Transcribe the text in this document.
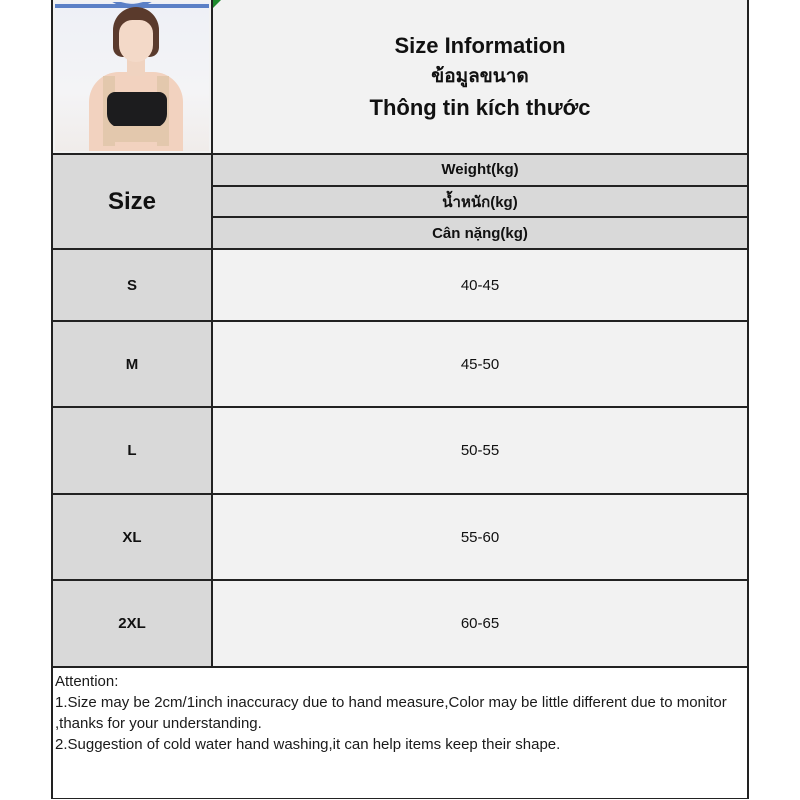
Size Information
ข้อมูลขนาด
Thông tin kích thước
Size
Weight(kg)
น้ำหนัก(kg)
Cân nặng(kg)
S	40-45
M	45-50
L	50-55
XL	55-60
2XL	60-65
Attention:
1.Size may be 2cm/1inch inaccuracy due to hand measure,Color may be little different due to monitor ,thanks for your understanding.
2.Suggestion of cold water hand washing,it can help items keep their shape.
